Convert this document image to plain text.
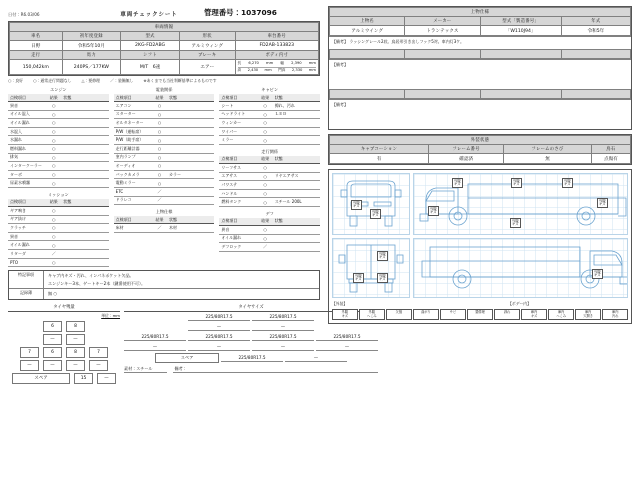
日付：R6.03/06	車両チェックシート	管理番号：1037096
車両情報				
車名	初年度登録	型式	形状	車台番号
日野	令和5年10月	2KG-FD2ABG	アルミウィング	FD2AB-133823
走行	馬力	シフト	ブレーキ	ボディ内寸
150,042km	240PS／177KW	M/T　6速	エアー	
長 6,270 mm 幅 2,390 mm
高 2,430 mm 門高 2,330 mm
○：良好	○：通常走行問題なし	△：要修理	／：装備無し	※あくまでも当社判断基準によるものです
エンジン
点検項目	結果	状態
異音	○	
オイル混入	○	
オイル漏れ	○	
水混入	○	
水漏れ	○	
燃料漏れ	○	
排気	○	
インタークーラー	○	
ターボ	○	
尿素水噴霧	○	
ミッション
点検項目	結果	状態
ギア鳴き	○	
ギア抜け	○	
クラッチ	○	
異音	○	
オイル漏れ	○	
リターダ	／	
PTO	○	
電装関係
点検項目	結果	状態
エアコン	○	
スターター	○	
オルタネーター	○	
P/W（運転席）	○	
P/W（助手席）	○	
走行距離計器	○	
室内ランプ	○	
オーディオ	○	
バックカメラ	○	カラー
電動ミラー	○	
ETC	／	
ドラレコ	／	
上物仕様
点検項目	結果	状態
床材	／	木材
キャビン
点検項目	結果	状態
シート	○	擦れ、汚れ
ヘッドライト	○	ＬＥＤ
ウィンカー	○	
ワイパー	○	
ミラー	○	
走行関係
点検項目	結果	状態
リーフサス	○	
エアサス	○	リヤエアサス
パワステ	○	
ハンドル	○	
燃料タンク	○	スチール 200L
デフ
点検項目	結果	状態
異音	○	
オイル漏れ	○	
デフロック	／	
特記事項	キャブ内キズ・汚れ、インパネポケット欠品。
エンジンキー3本、ゲートキー2本（鍵番使用不可）。
記録簿	無 ○
タイヤ残量
単位：mm
6	8
—	—
7	6	8	7
—	—	—	—
スペア	15	—
タイヤサイズ
225/80R17.5	225/80R17.5
—	—
225/80R17.5	225/80R17.5	225/80R17.5	225/80R17.5
—	—	—	—
スペア	225/80R17.5	—
素材：スチール	備考：
上物仕様			
上物名	メーカー	型式「製造番号」	年式
アルミウイング	トランテックス	「W110J94」	令和5年
【備考】 ラッシングレール2段。鳥居形引き出しフック5対。車内灯3ケ。

【備考】

【備考】
外装状態			
キャブコーション	フレーム番号	フレームのさび	鳥石
有	確認済	無	点傷有
外観
キズ
外観
キズ
外観
キズ
外観
キズ
外観
キズ
外観
キズ
外観
キズ
外観
キズ
外観
キズ
外観
キズ
外観
キズ
外観
キズ
【外装】	【ボデー内】
外観
キズ
外観
へこみ
欠損	曲がり	サビ	要修理	剥れ	庫内
キズ
庫内
へこみ
庫内
穴開き
庫内
汚れ
